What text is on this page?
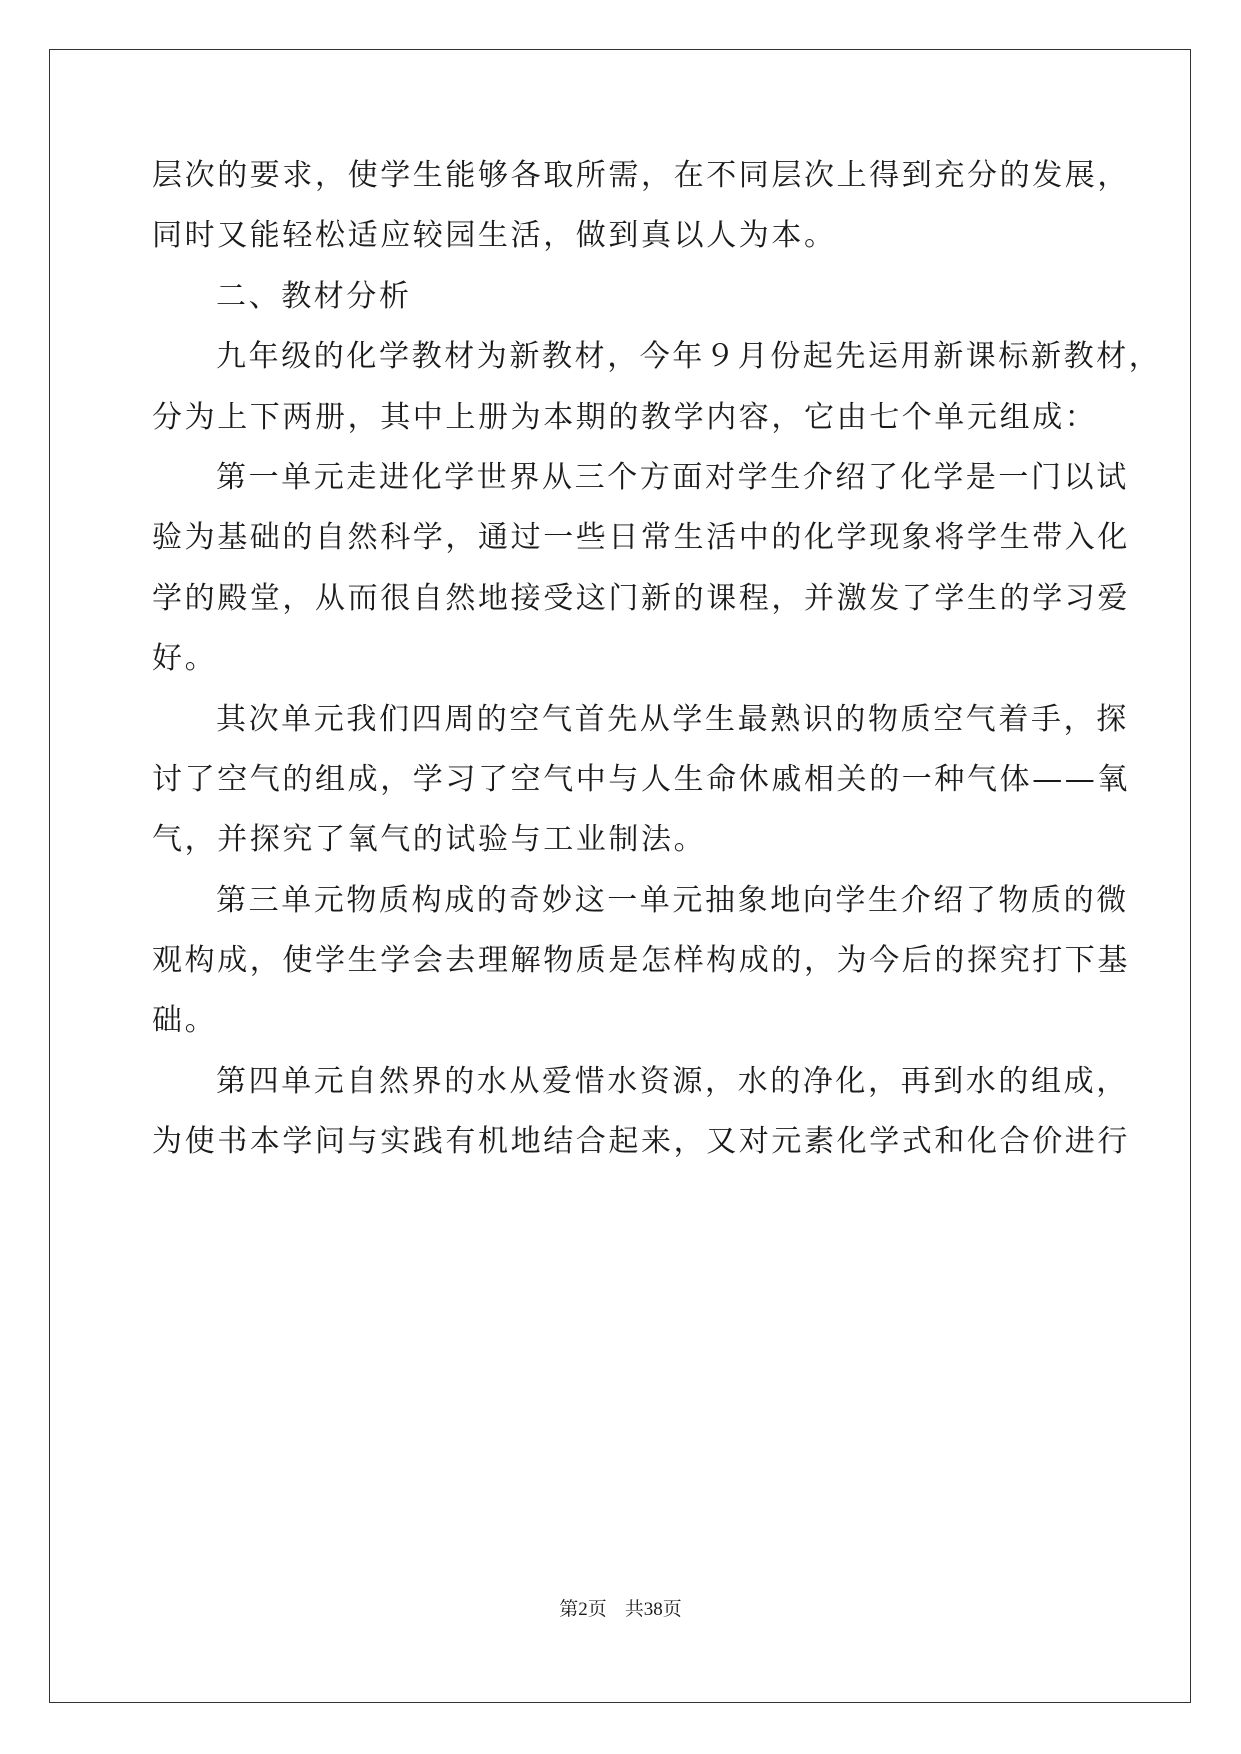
层次的要求，使学生能够各取所需，在不同层次上得到充分的发展，
同时又能轻松适应较园生活，做到真以人为本。
二、教材分析
九年级的化学教材为新教材，今年９月份起先运用新课标新教材，
分为上下两册，其中上册为本期的教学内容，它由七个单元组成：
第一单元走进化学世界从三个方面对学生介绍了化学是一门以试
验为基础的自然科学，通过一些日常生活中的化学现象将学生带入化
学的殿堂，从而很自然地接受这门新的课程，并激发了学生的学习爱
好。
其次单元我们四周的空气首先从学生最熟识的物质空气着手，探
讨了空气的组成，学习了空气中与人生命休戚相关的一种气体——氧
气，并探究了氧气的试验与工业制法。
第三单元物质构成的奇妙这一单元抽象地向学生介绍了物质的微
观构成，使学生学会去理解物质是怎样构成的，为今后的探究打下基
础。
第四单元自然界的水从爱惜水资源，水的净化，再到水的组成，
为使书本学问与实践有机地结合起来，又对元素化学式和化合价进行
第2页 共38页
